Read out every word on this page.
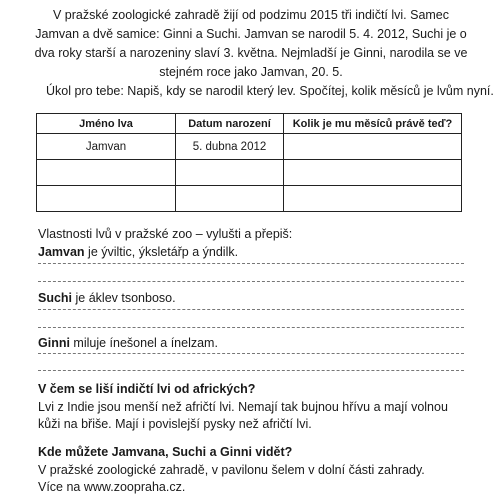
V pražské zoologické zahradě žijí od podzimu 2015 tři indičtí lvi. Samec Jamvan a dvě samice: Ginni a Suchi. Jamvan se narodil 5. 4. 2012, Suchi je o dva roky starší a narozeniny slaví 3. května. Nejmladší je Ginni, narodila se ve stejném roce jako Jamvan, 20. 5.

Úkol pro tebe: Napiš, kdy se narodil který lev. Spočítej, kolik měsíců je lvům nyní.

Jméno lva	Datum narození	Kolik je mu měsíců právě teď?
Jamvan	5. dubna 2012	

Vlastnosti lvů v pražské zoo – vylušti a přepiš:

Jamvan je ýviltic, ýksletářp a ýndilk.

Suchi je áklev tsonboso.

Ginni miluje ínešonel a ínelzam.

V čem se liší indičtí lvi od afrických?

Lvi z Indie jsou menší než afričtí lvi. Nemají tak bujnou hřívu a mají volnou kůži na břiše. Mají i povislejší pysky než afričtí lvi.

Kde můžete Jamvana, Suchi a Ginni vidět?

V pražské zoologické zahradě, v pavilonu šelem v dolní části zahrady.

Více na www.zoopraha.cz.
